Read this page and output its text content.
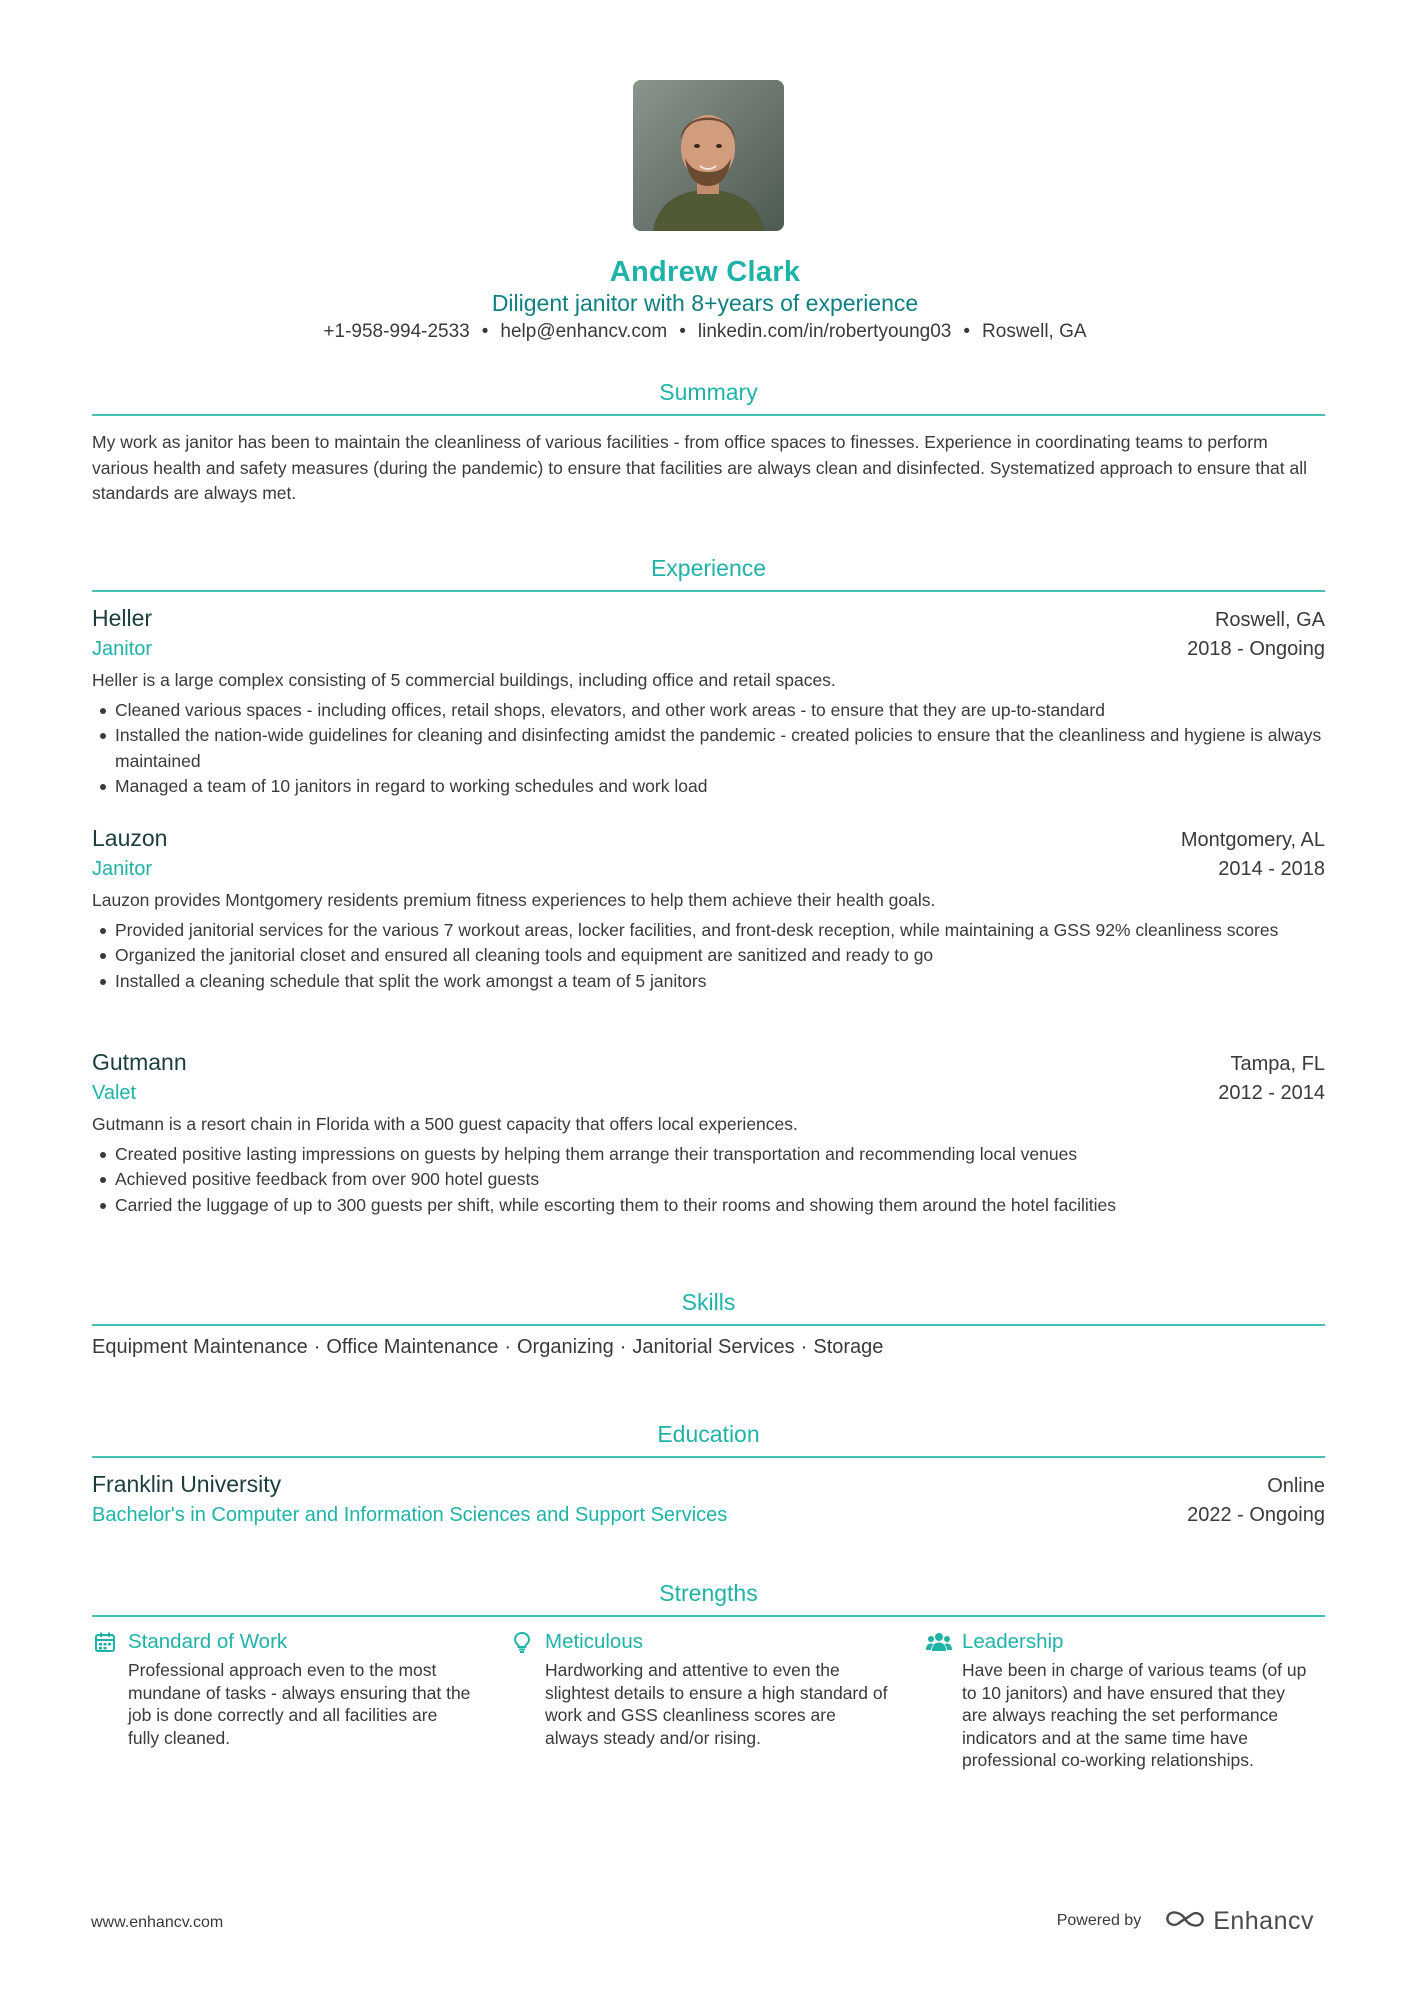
Andrew Clark
Diligent janitor with 8+years of experience
+1-958-994-2533 • help@enhancv.com • linkedin.com/in/robertyoung03 • Roswell, GA
Summary

My work as janitor has been to maintain the cleanliness of various facilities - from office spaces to finesses. Experience in coordinating teams to perform various health and safety measures (during the pandemic) to ensure that facilities are always clean and disinfected. Systematized approach to ensure that all standards are always met.

Experience
Heller	Roswell, GA
Janitor	2018 - Ongoing
Heller is a large complex consisting of 5 commercial buildings, including office and retail spaces.
Cleaned various spaces - including offices, retail shops, elevators, and other work areas - to ensure that they are up-to-standard
Installed the nation-wide guidelines for cleaning and disinfecting amidst the pandemic - created policies to ensure that the cleanliness and hygiene is always maintained
Managed a team of 10 janitors in regard to working schedules and work load
Lauzon	Montgomery, AL
Janitor	2014 - 2018
Lauzon provides Montgomery residents premium fitness experiences to help them achieve their health goals.
Provided janitorial services for the various 7 workout areas, locker facilities, and front-desk reception, while maintaining a GSS 92% cleanliness scores
Organized the janitorial closet and ensured all cleaning tools and equipment are sanitized and ready to go
Installed a cleaning schedule that split the work amongst a team of 5 janitors
Gutmann	Tampa, FL
Valet	2012 - 2014
Gutmann is a resort chain in Florida with a 500 guest capacity that offers local experiences.
Created positive lasting impressions on guests by helping them arrange their transportation and recommending local venues
Achieved positive feedback from over 900 hotel guests
Carried the luggage of up to 300 guests per shift, while escorting them to their rooms and showing them around the hotel facilities
Skills
Equipment Maintenance · Office Maintenance · Organizing · Janitorial Services · Storage
Education
Franklin University	Online
Bachelor's in Computer and Information Sciences and Support Services	2022 - Ongoing
Strengths
Standard of Work
Professional approach even to the most mundane of tasks - always ensuring that the job is done correctly and all facilities are fully cleaned.
Meticulous
Hardworking and attentive to even the slightest details to ensure a high standard of work and GSS cleanliness scores are always steady and/or rising.
Leadership
Have been in charge of various teams (of up to 10 janitors) and have ensured that they are always reaching the set performance indicators and at the same time have professional co-working relationships.
www.enhancv.com	Powered by	Enhancv
